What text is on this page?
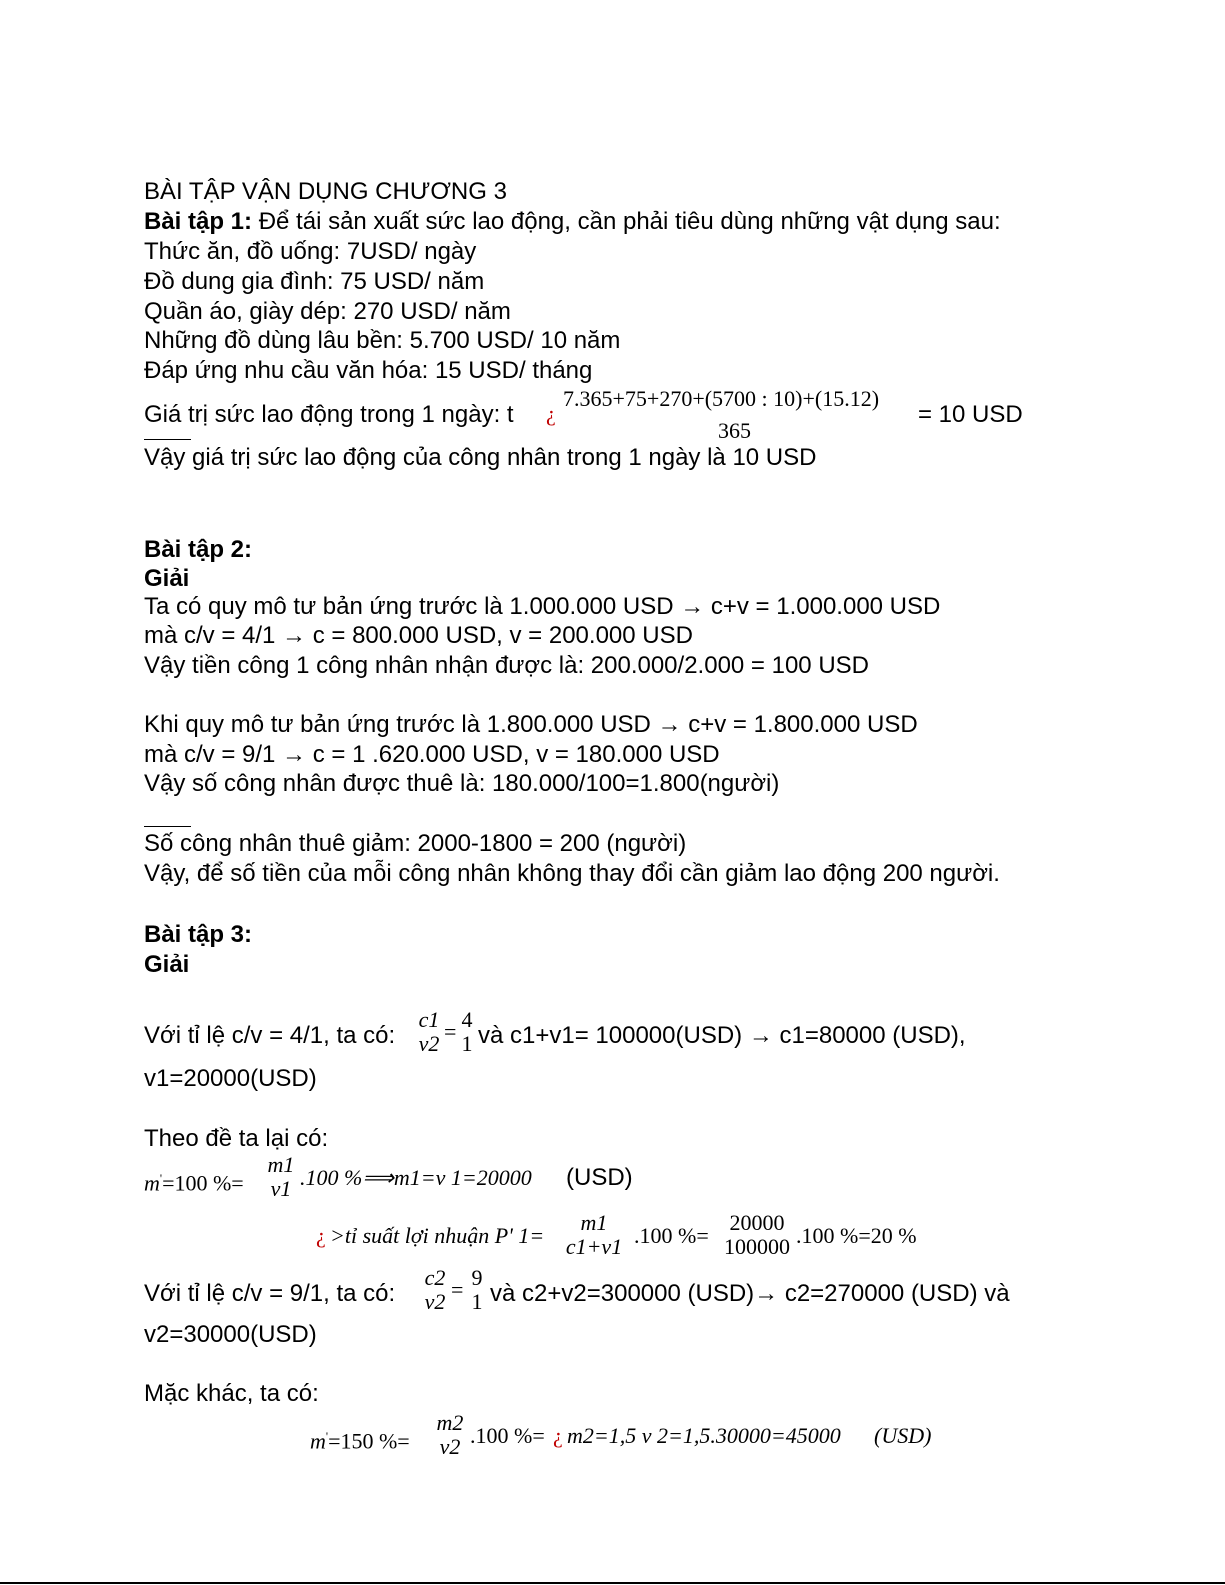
BÀI TẬP VẬN DỤNG CHƯƠNG 3
Bài tập 1: Để tái sản xuất sức lao động, cần phải tiêu dùng những vật dụng sau:
Thức ăn, đồ uống: 7USD/ ngày
Đồ dung gia đình: 75 USD/ năm
Quần áo, giày dép: 270 USD/ năm
Những đồ dùng lâu bền: 5.700 USD/ 10 năm
Đáp ứng nhu cầu văn hóa: 15 USD/ tháng
Giá trị sức lao động trong 1 ngày: t ¿
7.365+75+270+(5700 : 10)+(15.12)
365
= 10 USD
Vậy giá trị sức lao động của công nhân trong 1 ngày là 10 USD
Bài tập 2:
Giải
Ta có quy mô tư bản ứng trước là 1.000.000 USD → c+v = 1.000.000 USD
mà c/v = 4/1 → c = 800.000 USD, v = 200.000 USD
Vậy tiền công 1 công nhân nhận được là: 200.000/2.000 = 100 USD
Khi quy mô tư bản ứng trước là 1.800.000 USD → c+v = 1.800.000 USD
mà c/v = 9/1 → c = 1 .620.000 USD, v = 180.000 USD
Vậy số công nhân được thuê là: 180.000/100=1.800(người)
Số công nhân thuê giảm: 2000-1800 = 200 (người)
Vậy, để số tiền của mỗi công nhân không thay đổi cần giảm lao động 200 người.
Bài tập 3:
Giải
Với tỉ lệ c/v = 4/1, ta có:
c1
v2 = 4
1 và c1+v1= 100000(USD) → c1=80000 (USD),
v1=20000(USD)
Theo đề ta lại có:
m'=100 %=
m1
v1 .100 %⟹m1=v 1=20000 (USD)
¿ >tỉ suất lợi nhuận P' 1=
m1
c1+v1 .100 %=
20000
100000 .100 %=20 %
Với tỉ lệ c/v = 9/1, ta có:
c2
v2 = 9
1 và c2+v2=300000 (USD)→ c2=270000 (USD) và
v2=30000(USD)
Mặc khác, ta có:
m'=150 %=
m2
v2 .100 %= ¿ m2=1,5 v 2=1,5.30000=45000 (USD)
